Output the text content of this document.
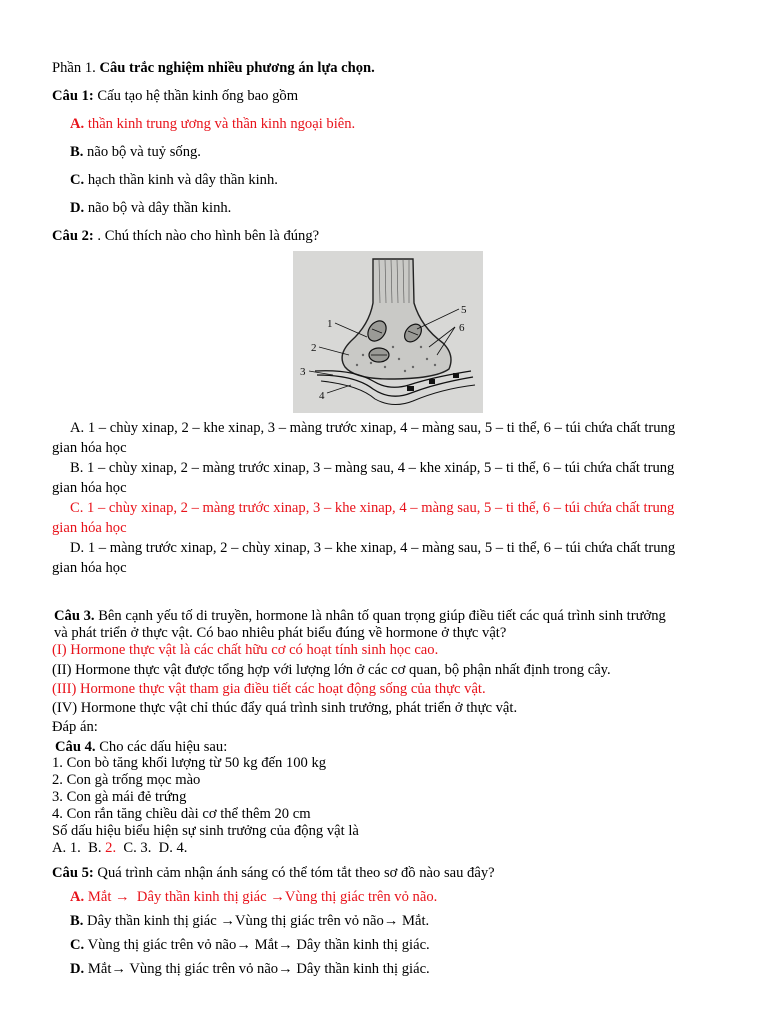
Phần 1. Câu trắc nghiệm nhiều phương án lựa chọn.
Câu 1: Cấu tạo hệ thần kinh ống bao gồm
A. thần kinh trung ương và thần kinh ngoại biên.
B. não bộ và tuỷ sống.
C. hạch thần kinh và dây thần kinh.
D. não bộ và dây thần kinh.
Câu 2: . Chú thích nào cho hình bên là đúng?
1
2
3
4
5
6
A. 1 – chùy xinap, 2 – khe xinap, 3 – màng trước xinap, 4 – màng sau, 5 – ti thể, 6 – túi chứa chất trung
gian hóa học
B. 1 – chùy xinap, 2 – màng trước xinap, 3 – màng sau, 4 – khe xináp, 5 – ti thể, 6 – túi chứa chất trung
gian hóa học
C. 1 – chùy xinap, 2 – màng trước xinap, 3 – khe xinap, 4 – màng sau, 5 – ti thể, 6 – túi chứa chất trung
gian hóa học
D. 1 – màng trước xinap, 2 – chùy xinap, 3 – khe xinap, 4 – màng sau, 5 – ti thể, 6 – túi chứa chất trung
gian hóa học
Câu 3. Bên cạnh yếu tố di truyền, hormone là nhân tố quan trọng giúp điều tiết các quá trình sinh trưởng
và phát triển ở thực vật. Có bao nhiêu phát biểu đúng về hormone ở thực vật?
(I) Hormone thực vật là các chất hữu cơ có hoạt tính sinh học cao.
(II) Hormone thực vật được tổng hợp với lượng lớn ở các cơ quan, bộ phận nhất định trong cây.
(III) Hormone thực vật tham gia điều tiết các hoạt động sống của thực vật.
(IV) Hormone thực vật chỉ thúc đẩy quá trình sinh trưởng, phát triển ở thực vật.
Đáp án:
Câu 4. Cho các dấu hiệu sau:
1. Con bò tăng khối lượng từ 50 kg đến 100 kg
2. Con gà trống mọc mào
3. Con gà mái đẻ trứng
4. Con rắn tăng chiều dài cơ thể thêm 20 cm
Số dấu hiệu biểu hiện sự sinh trưởng của động vật là
A. 1. B. 2. C. 3. D. 4.
Câu 5: Quá trình cảm nhận ánh sáng có thể tóm tắt theo sơ đồ nào sau đây?
A. Mắt → Dây thần kinh thị giác →Vùng thị giác trên vỏ não.
B. Dây thần kinh thị giác →Vùng thị giác trên vỏ não→ Mắt.
C. Vùng thị giác trên vỏ não→ Mắt→ Dây thần kinh thị giác.
D. Mắt→ Vùng thị giác trên vỏ não→ Dây thần kinh thị giác.
